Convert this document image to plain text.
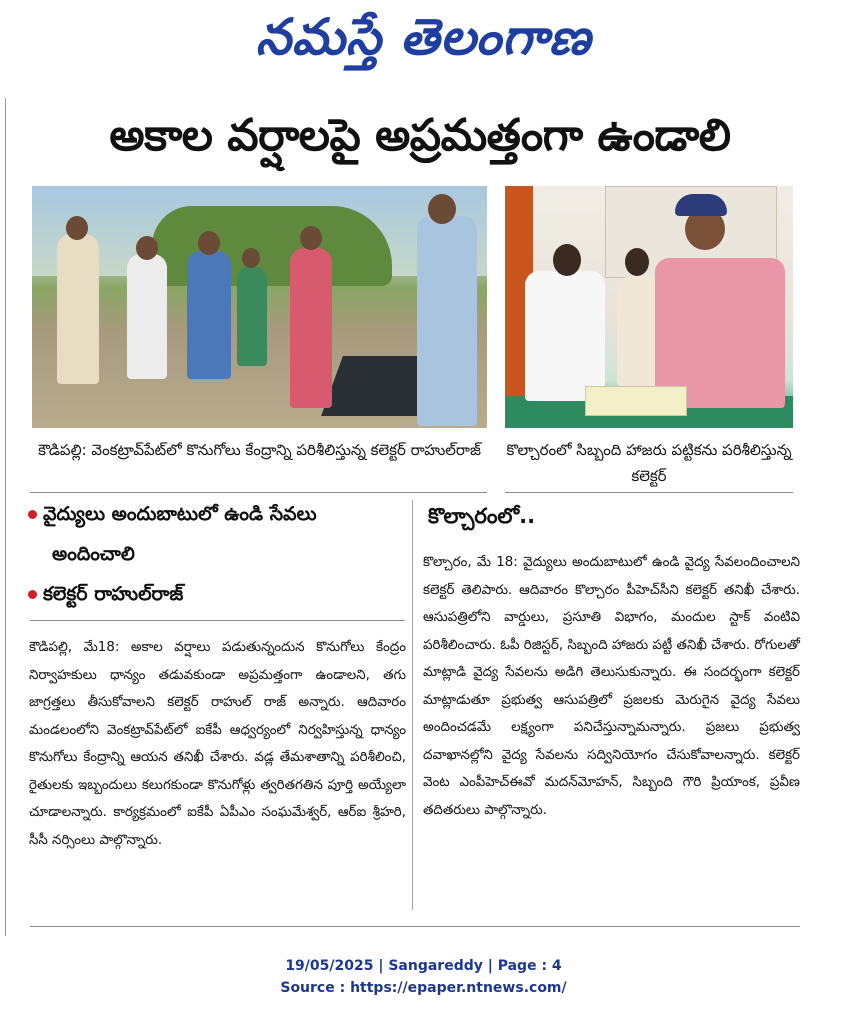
నమస్తే తెలంగాణ
అకాల వర్షాలపై అప్రమత్తంగా ఉండాలి
కౌడిపల్లి: వెంకట్రావ్‌పేట్‌లో కొనుగోలు కేంద్రాన్ని పరిశీలిస్తున్న కలెక్టర్ రాహుల్‌రాజ్	కొల్చారంలో సిబ్బంది హాజరు పట్టికను పరిశీలిస్తున్న కలెక్టర్
వైద్యులు అందుబాటులో ఉండి సేవలు
అందించాలి
కలెక్టర్ రాహుల్‌రాజ్
కొల్చారంలో..
కౌడిపల్లి, మే18: అకాల వర్షాలు పడుతున్నందున కొనుగోలు కేంద్రం నిర్వాహకులు ధాన్యం తడువకుండా అప్రమత్తంగా ఉండాలని, తగు జాగ్రత్తలు తీసుకోవాలని కలెక్టర్ రాహుల్ రాజ్ అన్నారు. ఆదివారం మండలంలోని వెంకట్రావ్‌పేట్‌లో ఐకేపీ ఆధ్వర్యంలో నిర్వహిస్తున్న ధాన్యం కొనుగోలు కేంద్రాన్ని ఆయన తనిఖీ చేశారు. వడ్ల తేమశాతాన్ని పరిశీలించి, రైతులకు ఇబ్బందులు కలుగకుండా కొనుగోళ్లు త్వరితగతిన పూర్తి అయ్యేలా చూడాలన్నారు. కార్యక్రమంలో ఐకేపీ ఏపీఎం సంఘమేశ్వర్, ఆర్ఐ శ్రీహరి, సీసీ నర్సింలు పాల్గొన్నారు.
కొల్చారం, మే 18: వైద్యులు అందుబాటులో ఉండి వైద్య సేవలందించాలని కలెక్టర్ తెలిపారు. ఆదివారం కొల్చారం పీహెచ్‌సీని కలెక్టర్ తనిఖీ చేశారు. ఆసుపత్రిలోని వార్డులు, ప్రసూతి విభాగం, మందుల స్టాక్ వంటివి పరిశీలించారు. ఓపీ రిజిస్టర్, సిబ్బంది హాజరు పట్టీ తనిఖీ చేశారు. రోగులతో మాట్లాడి వైద్య సేవలను అడిగి తెలుసుకున్నారు. ఈ సందర్భంగా కలెక్టర్ మాట్లాడుతూ ప్రభుత్వ ఆసుపత్రిలో ప్రజలకు మెరుగైన వైద్య సేవలు అందించడమే లక్ష్యంగా పనిచేస్తున్నామన్నారు. ప్రజలు ప్రభుత్వ దవాఖానల్లోని వైద్య సేవలను సద్వినియోగం చేసుకోవాలన్నారు. కలెక్టర్ వెంట ఎంపీహెచ్‌ఈవో మదన్‌మోహన్, సిబ్బంది గౌరి ప్రియాంక, ప్రవీణ తదితరులు పాల్గొన్నారు.
19/05/2025 | Sangareddy | Page : 4
Source : https://epaper.ntnews.com/
